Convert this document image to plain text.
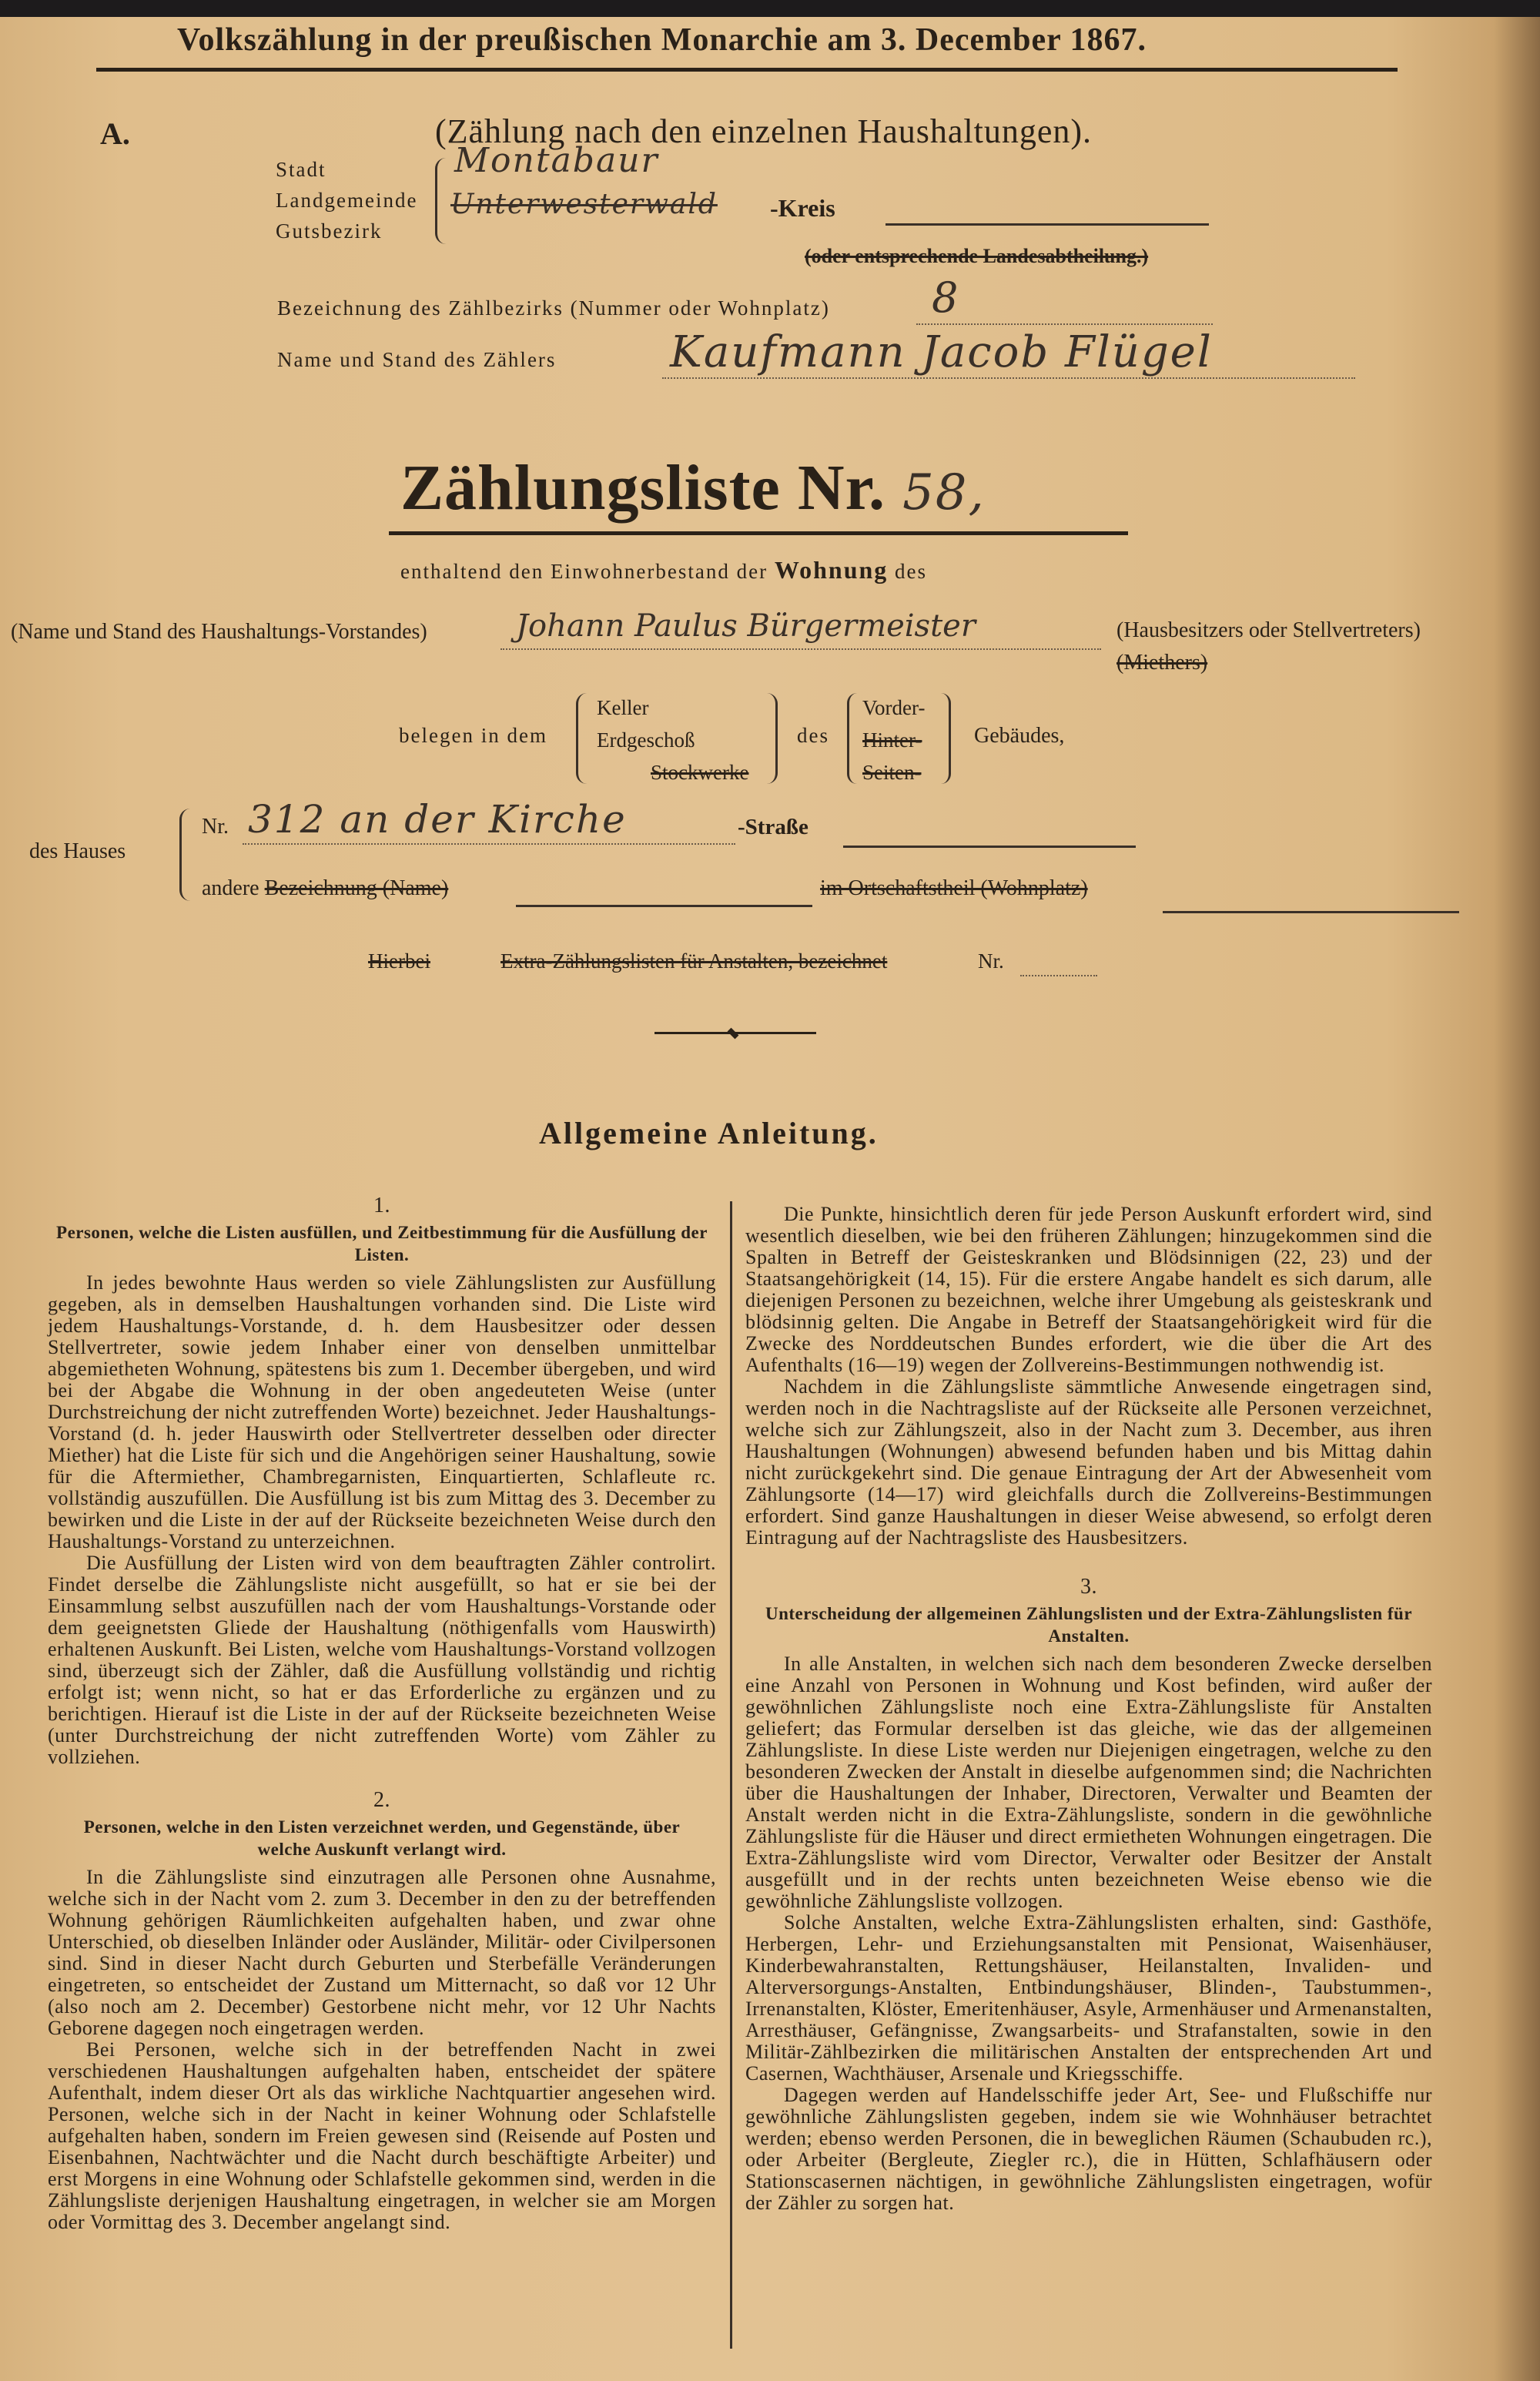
Volkszählung in der preußischen Monarchie am 3. December 1867.
A.	(Zählung nach den einzelnen Haushaltungen).
Stadt
Landgemeinde
Gutsbezirk
Montabaur
Unterwesterwald -Kreis
(oder entsprechende Landesabtheilung.)
Bezeichnung des Zählbezirks (Nummer oder Wohnplatz) 8
Name und Stand des Zählers	Kaufmann Jacob Flügel
Zählungsliste Nr. 58,
enthaltend den Einwohnerbestand der Wohnung des
(Name und Stand des Haushaltungs-Vorstandes)	Johann Paulus Bürgermeister	(Hausbesitzers oder Stellvertreters)
(Miethers)
belegen in dem
Keller
Erdgeschoß
Stockwerke
des
Vorder-
Hinter-
Seiten-
Gebäudes,
des Hauses
Nr. 312 an der Kirche	-Straße
andere Bezeichnung (Name)	im Ortschaftstheil (Wohnplatz)
Hierbei	Extra-Zählungslisten für Anstalten, bezeichnet	Nr.
Allgemeine Anleitung.
1.
Personen, welche die Listen ausfüllen, und Zeitbestimmung für die Ausfüllung der Listen.

In jedes bewohnte Haus werden so viele Zählungslisten zur Ausfüllung gegeben, als in demselben Haushaltungen vorhanden sind. Die Liste wird jedem Haushaltungs-Vorstande, d. h. dem Hausbesitzer oder dessen Stellvertreter, sowie jedem Inhaber einer von denselben unmittelbar abgemietheten Wohnung, spätestens bis zum 1. December übergeben, und wird bei der Abgabe die Wohnung in der oben angedeuteten Weise (unter Durchstreichung der nicht zutreffenden Worte) bezeichnet. Jeder Haushaltungs-Vorstand (d. h. jeder Hauswirth oder Stellvertreter desselben oder directer Miether) hat die Liste für sich und die Angehörigen seiner Haushaltung, sowie für die Aftermiether, Chambregarnisten, Einquartierten, Schlafleute rc. vollständig auszufüllen. Die Ausfüllung ist bis zum Mittag des 3. December zu bewirken und die Liste in der auf der Rückseite bezeichneten Weise durch den Haushaltungs-Vorstand zu unterzeichnen.

Die Ausfüllung der Listen wird von dem beauftragten Zähler controlirt. Findet derselbe die Zählungsliste nicht ausgefüllt, so hat er sie bei der Einsammlung selbst auszufüllen nach der vom Haushaltungs-Vorstande oder dem geeignetsten Gliede der Haushaltung (nöthigenfalls vom Hauswirth) erhaltenen Auskunft. Bei Listen, welche vom Haushaltungs-Vorstand vollzogen sind, überzeugt sich der Zähler, daß die Ausfüllung vollständig und richtig erfolgt ist; wenn nicht, so hat er das Erforderliche zu ergänzen und zu berichtigen. Hierauf ist die Liste in der auf der Rückseite bezeichneten Weise (unter Durchstreichung der nicht zutreffenden Worte) vom Zähler zu vollziehen.

2.
Personen, welche in den Listen verzeichnet werden, und Gegenstände, über welche Auskunft verlangt wird.

In die Zählungsliste sind einzutragen alle Personen ohne Ausnahme, welche sich in der Nacht vom 2. zum 3. December in den zu der betreffenden Wohnung gehörigen Räumlichkeiten aufgehalten haben, und zwar ohne Unterschied, ob dieselben Inländer oder Ausländer, Militär- oder Civilpersonen sind. Sind in dieser Nacht durch Geburten und Sterbefälle Veränderungen eingetreten, so entscheidet der Zustand um Mitternacht, so daß vor 12 Uhr (also noch am 2. December) Gestorbene nicht mehr, vor 12 Uhr Nachts Geborene dagegen noch eingetragen werden.

Bei Personen, welche sich in der betreffenden Nacht in zwei verschiedenen Haushaltungen aufgehalten haben, entscheidet der spätere Aufenthalt, indem dieser Ort als das wirkliche Nachtquartier angesehen wird. Personen, welche sich in der Nacht in keiner Wohnung oder Schlafstelle aufgehalten haben, sondern im Freien gewesen sind (Reisende auf Posten und Eisenbahnen, Nachtwächter und die Nacht durch beschäftigte Arbeiter) und erst Morgens in eine Wohnung oder Schlafstelle gekommen sind, werden in die Zählungsliste derjenigen Haushaltung eingetragen, in welcher sie am Morgen oder Vormittag des 3. December angelangt sind.

Die Punkte, hinsichtlich deren für jede Person Auskunft erfordert wird, sind wesentlich dieselben, wie bei den früheren Zählungen; hinzugekommen sind die Spalten in Betreff der Geisteskranken und Blödsinnigen (22, 23) und der Staatsangehörigkeit (14, 15). Für die erstere Angabe handelt es sich darum, alle diejenigen Personen zu bezeichnen, welche ihrer Umgebung als geisteskrank und blödsinnig gelten. Die Angabe in Betreff der Staatsangehörigkeit wird für die Zwecke des Norddeutschen Bundes erfordert, wie die über die Art des Aufenthalts (16—19) wegen der Zollvereins-Bestimmungen nothwendig ist.

Nachdem in die Zählungsliste sämmtliche Anwesende eingetragen sind, werden noch in die Nachtragsliste auf der Rückseite alle Personen verzeichnet, welche sich zur Zählungszeit, also in der Nacht zum 3. December, aus ihren Haushaltungen (Wohnungen) abwesend befunden haben und bis Mittag dahin nicht zurückgekehrt sind. Die genaue Eintragung der Art der Abwesenheit vom Zählungsorte (14—17) wird gleichfalls durch die Zollvereins-Bestimmungen erfordert. Sind ganze Haushaltungen in dieser Weise abwesend, so erfolgt deren Eintragung auf der Nachtragsliste des Hausbesitzers.

3.
Unterscheidung der allgemeinen Zählungslisten und der Extra-Zählungslisten für Anstalten.

In alle Anstalten, in welchen sich nach dem besonderen Zwecke derselben eine Anzahl von Personen in Wohnung und Kost befinden, wird außer der gewöhnlichen Zählungsliste noch eine Extra-Zählungsliste für Anstalten geliefert; das Formular derselben ist das gleiche, wie das der allgemeinen Zählungsliste. In diese Liste werden nur Diejenigen eingetragen, welche zu den besonderen Zwecken der Anstalt in dieselbe aufgenommen sind; die Nachrichten über die Haushaltungen der Inhaber, Directoren, Verwalter und Beamten der Anstalt werden nicht in die Extra-Zählungsliste, sondern in die gewöhnliche Zählungsliste für die Häuser und direct ermietheten Wohnungen eingetragen. Die Extra-Zählungsliste wird vom Director, Verwalter oder Besitzer der Anstalt ausgefüllt und in der rechts unten bezeichneten Weise ebenso wie die gewöhnliche Zählungsliste vollzogen.

Solche Anstalten, welche Extra-Zählungslisten erhalten, sind: Gasthöfe, Herbergen, Lehr- und Erziehungsanstalten mit Pensionat, Waisenhäuser, Kinderbewahranstalten, Rettungshäuser, Heilanstalten, Invaliden- und Alterversorgungs-Anstalten, Entbindungshäuser, Blinden-, Taubstummen-, Irrenanstalten, Klöster, Emeritenhäuser, Asyle, Armenhäuser und Armenanstalten, Arresthäuser, Gefängnisse, Zwangsarbeits- und Strafanstalten, sowie in den Militär-Zählbezirken die militärischen Anstalten der entsprechenden Art und Casernen, Wachthäuser, Arsenale und Kriegsschiffe.

Dagegen werden auf Handelsschiffe jeder Art, See- und Flußschiffe nur gewöhnliche Zählungslisten gegeben, indem sie wie Wohnhäuser betrachtet werden; ebenso werden Personen, die in beweglichen Räumen (Schaubuden rc.), oder Arbeiter (Bergleute, Ziegler rc.), die in Hütten, Schlafhäusern oder Stationscasernen nächtigen, in gewöhnliche Zählungslisten eingetragen, wofür der Zähler zu sorgen hat.
